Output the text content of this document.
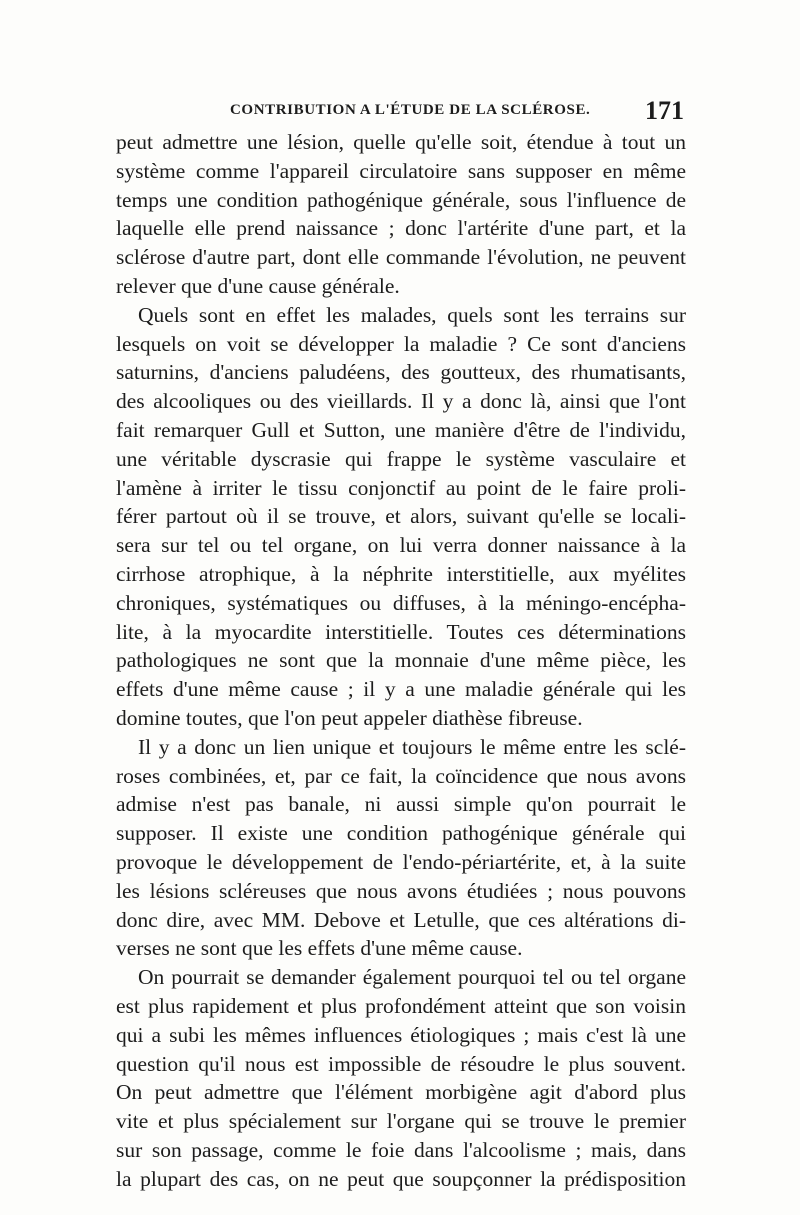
CONTRIBUTION A L'ÉTUDE DE LA SCLÉROSE. 171
peut admettre une lésion, quelle qu'elle soit, étendue à tout un
système comme l'appareil circulatoire sans supposer en même
temps une condition pathogénique générale, sous l'influence de
laquelle elle prend naissance ; donc l'artérite d'une part, et la
sclérose d'autre part, dont elle commande l'évolution, ne peuvent
relever que d'une cause générale.
Quels sont en effet les malades, quels sont les terrains sur
lesquels on voit se développer la maladie ? Ce sont d'anciens
saturnins, d'anciens paludéens, des goutteux, des rhumatisants,
des alcooliques ou des vieillards. Il y a donc là, ainsi que l'ont
fait remarquer Gull et Sutton, une manière d'être de l'individu,
une véritable dyscrasie qui frappe le système vasculaire et
l'amène à irriter le tissu conjonctif au point de le faire proli-
férer partout où il se trouve, et alors, suivant qu'elle se locali-
sera sur tel ou tel organe, on lui verra donner naissance à la
cirrhose atrophique, à la néphrite interstitielle, aux myélites
chroniques, systématiques ou diffuses, à la méningo-encépha-
lite, à la myocardite interstitielle. Toutes ces déterminations
pathologiques ne sont que la monnaie d'une même pièce, les
effets d'une même cause ; il y a une maladie générale qui les
domine toutes, que l'on peut appeler diathèse fibreuse.
Il y a donc un lien unique et toujours le même entre les sclé-
roses combinées, et, par ce fait, la coïncidence que nous avons
admise n'est pas banale, ni aussi simple qu'on pourrait le
supposer. Il existe une condition pathogénique générale qui
provoque le développement de l'endo-périartérite, et, à la suite
les lésions scléreuses que nous avons étudiées ; nous pouvons
donc dire, avec MM. Debove et Letulle, que ces altérations di-
verses ne sont que les effets d'une même cause.
On pourrait se demander également pourquoi tel ou tel organe
est plus rapidement et plus profondément atteint que son voisin
qui a subi les mêmes influences étiologiques ; mais c'est là une
question qu'il nous est impossible de résoudre le plus souvent.
On peut admettre que l'élément morbigène agit d'abord plus
vite et plus spécialement sur l'organe qui se trouve le premier
sur son passage, comme le foie dans l'alcoolisme ; mais, dans
la plupart des cas, on ne peut que soupçonner la prédisposition
